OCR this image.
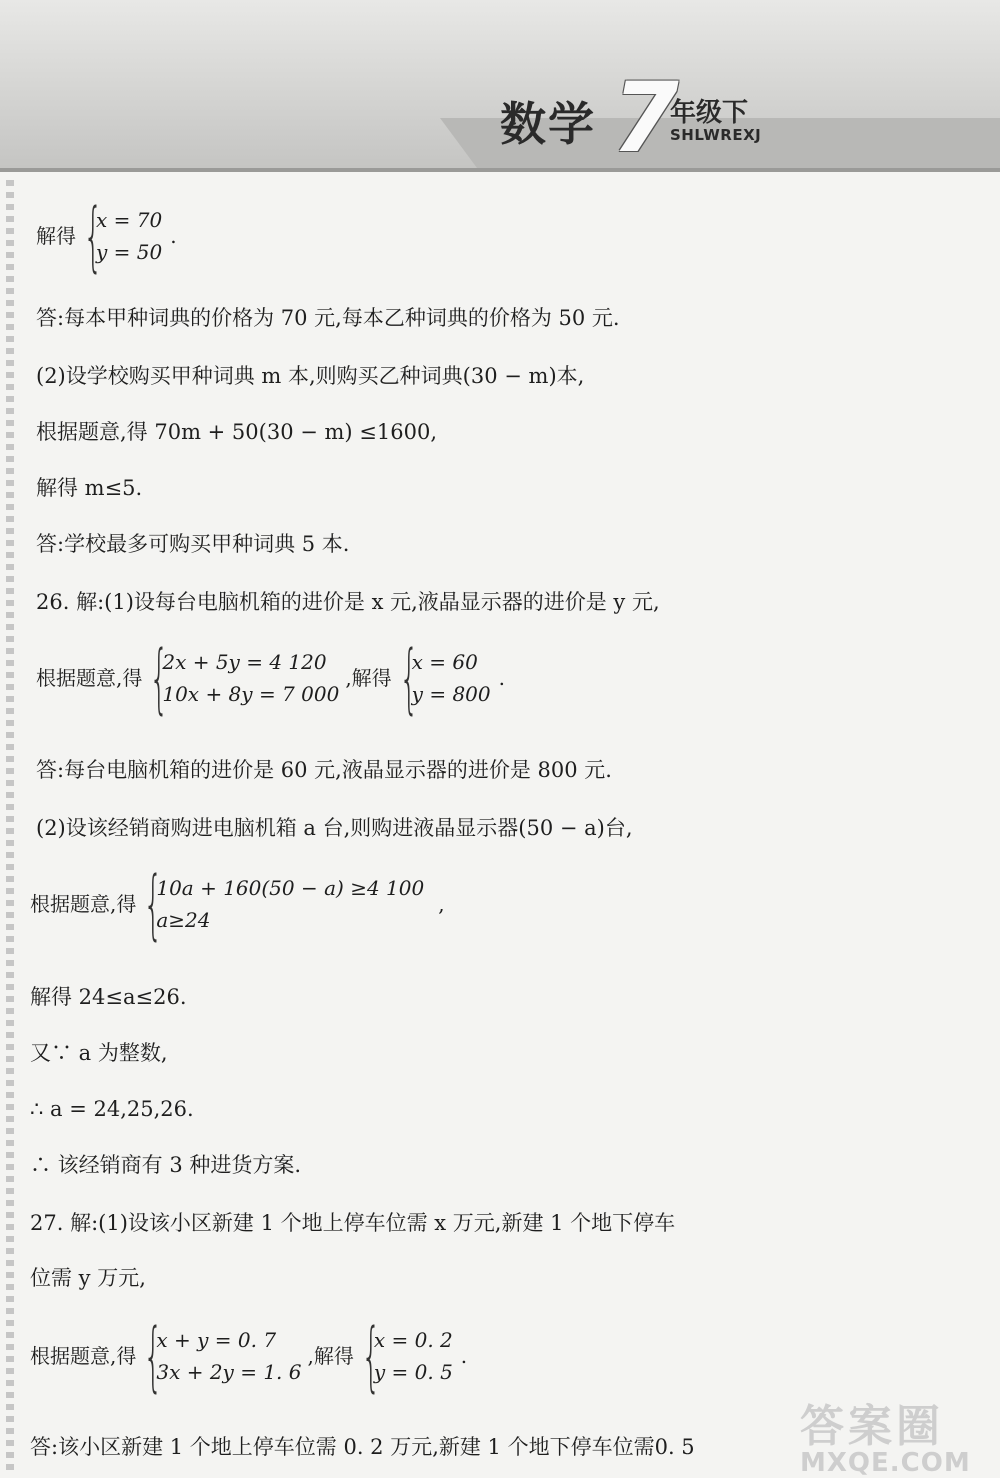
数学 7
年级下
SHLWREXJ
解得 {
x = 70
y = 50
.
答:每本甲种词典的价格为 70 元,每本乙种词典的价格为 50 元.
(2)设学校购买甲种词典 m 本,则购买乙种词典(30 − m)本,
根据题意,得 70m + 50(30 − m) ≤1600,
解得 m≤5.
答:学校最多可购买甲种词典 5 本.
26. 解:(1)设每台电脑机箱的进价是 x 元,液晶显示器的进价是 y 元,
根据题意,得 {
2x + 5y = 4 120
10x + 8y = 7 000
,解得 {
x = 60
y = 800
.
答:每台电脑机箱的进价是 60 元,液晶显示器的进价是 800 元.
(2)设该经销商购进电脑机箱 a 台,则购进液晶显示器(50 − a)台,
根据题意,得 {
10a + 160(50 − a) ≥4 100
a≥24
,
解得 24≤a≤26.
又∵ a 为整数,
∴ a = 24,25,26.
∴ 该经销商有 3 种进货方案.
27. 解:(1)设该小区新建 1 个地上停车位需 x 万元,新建 1 个地下停车
位需 y 万元,
根据题意,得 {
x + y = 0. 7
3x + 2y = 1. 6
,解得 {
x = 0. 2
y = 0. 5
.
答:该小区新建 1 个地上停车位需 0. 2 万元,新建 1 个地下停车位需0. 5 答案圈
MXQE.COM
